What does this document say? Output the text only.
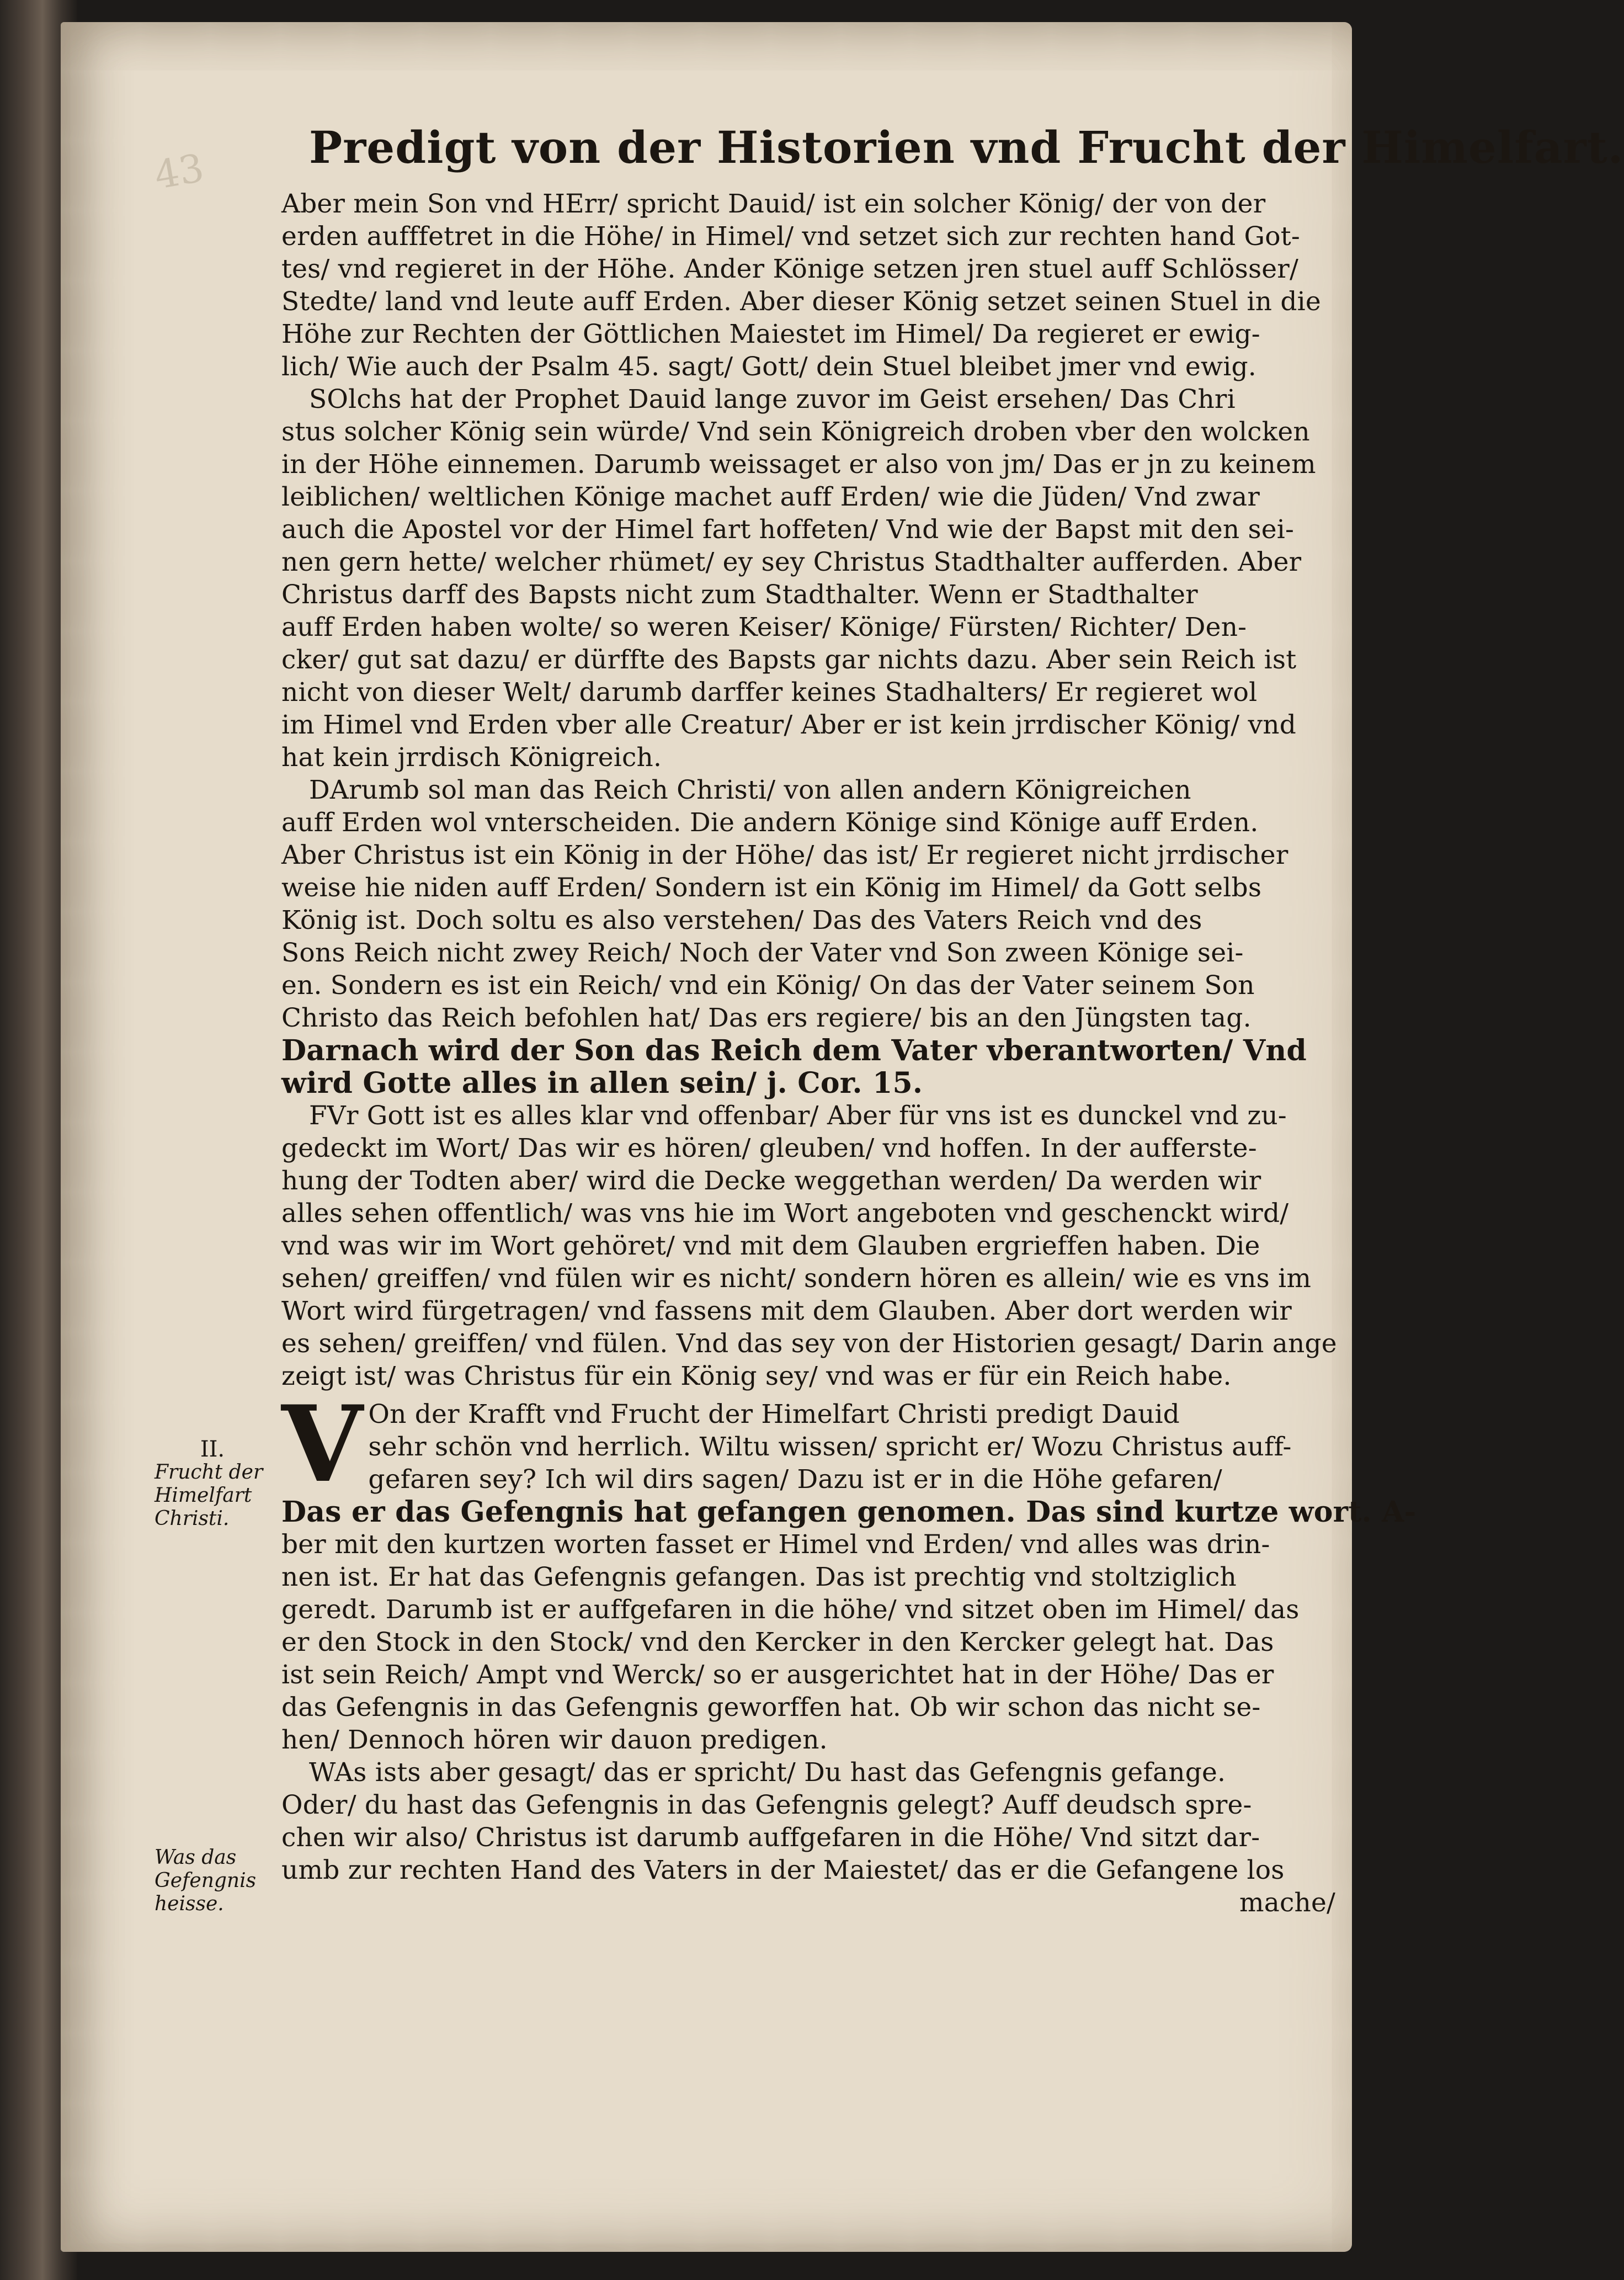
43 Predigt von der Historien vnd Frucht der Himelfart.
II.
Frucht der Himelfart Christi.
Was das Gefengnis heisse.
Aber mein Son vnd HErr/ spricht Dauid/ ist ein solcher König/ der von der
erden aufffetret in die Höhe/ in Himel/ vnd setzet sich zur rechten hand Got-
tes/ vnd regieret in der Höhe. Ander Könige setzen jren stuel auff Schlösser/
Stedte/ land vnd leute auff Erden. Aber dieser König setzet seinen Stuel in die
Höhe zur Rechten der Göttlichen Maiestet im Himel/ Da regieret er ewig-
lich/ Wie auch der Psalm 45. sagt/ Gott/ dein Stuel bleibet jmer vnd ewig.
SOlchs hat der Prophet Dauid lange zuvor im Geist ersehen/ Das Chri
stus solcher König sein würde/ Vnd sein Königreich droben vber den wolcken
in der Höhe einnemen. Darumb weissaget er also von jm/ Das er jn zu keinem
leiblichen/ weltlichen Könige machet auff Erden/ wie die Jüden/ Vnd zwar
auch die Apostel vor der Himel fart hoffeten/ Vnd wie der Bapst mit den sei-
nen gern hette/ welcher rhümet/ ey sey Christus Stadthalter aufferden. Aber
Christus darff des Bapsts nicht zum Stadthalter. Wenn er Stadthalter
auff Erden haben wolte/ so weren Keiser/ Könige/ Fürsten/ Richter/ Den-
cker/ gut sat dazu/ er dürffte des Bapsts gar nichts dazu. Aber sein Reich ist
nicht von dieser Welt/ darumb darffer keines Stadhalters/ Er regieret wol
im Himel vnd Erden vber alle Creatur/ Aber er ist kein jrrdischer König/ vnd
hat kein jrrdisch Königreich.
DArumb sol man das Reich Christi/ von allen andern Königreichen
auff Erden wol vnterscheiden. Die andern Könige sind Könige auff Erden.
Aber Christus ist ein König in der Höhe/ das ist/ Er regieret nicht jrrdischer
weise hie niden auff Erden/ Sondern ist ein König im Himel/ da Gott selbs
König ist. Doch soltu es also verstehen/ Das des Vaters Reich vnd des
Sons Reich nicht zwey Reich/ Noch der Vater vnd Son zween Könige sei-
en. Sondern es ist ein Reich/ vnd ein König/ On das der Vater seinem Son
Christo das Reich befohlen hat/ Das ers regiere/ bis an den Jüngsten tag.
Darnach wird der Son das Reich dem Vater vberantworten/ Vnd
wird Gotte alles in allen sein/ j. Cor. 15.
FVr Gott ist es alles klar vnd offenbar/ Aber für vns ist es dunckel vnd zu-
gedeckt im Wort/ Das wir es hören/ gleuben/ vnd hoffen. In der aufferste-
hung der Todten aber/ wird die Decke weggethan werden/ Da werden wir
alles sehen offentlich/ was vns hie im Wort angeboten vnd geschenckt wird/
vnd was wir im Wort gehöret/ vnd mit dem Glauben ergrieffen haben. Die
sehen/ greiffen/ vnd fülen wir es nicht/ sondern hören es allein/ wie es vns im
Wort wird fürgetragen/ vnd fassens mit dem Glauben. Aber dort werden wir
es sehen/ greiffen/ vnd fülen. Vnd das sey von der Historien gesagt/ Darin ange
zeigt ist/ was Christus für ein König sey/ vnd was er für ein Reich habe.
V On der Krafft vnd Frucht der Himelfart Christi predigt Dauid
sehr schön vnd herrlich. Wiltu wissen/ spricht er/ Wozu Christus auff-
gefaren sey? Ich wil dirs sagen/ Dazu ist er in die Höhe gefaren/
Das er das Gefengnis hat gefangen genomen. Das sind kurtze wort. A-
ber mit den kurtzen worten fasset er Himel vnd Erden/ vnd alles was drin-
nen ist. Er hat das Gefengnis gefangen. Das ist prechtig vnd stoltziglich
geredt. Darumb ist er auffgefaren in die höhe/ vnd sitzet oben im Himel/ das
er den Stock in den Stock/ vnd den Kercker in den Kercker gelegt hat. Das
ist sein Reich/ Ampt vnd Werck/ so er ausgerichtet hat in der Höhe/ Das er
das Gefengnis in das Gefengnis geworffen hat. Ob wir schon das nicht se-
hen/ Dennoch hören wir dauon predigen.
WAs ists aber gesagt/ das er spricht/ Du hast das Gefengnis gefange.
Oder/ du hast das Gefengnis in das Gefengnis gelegt? Auff deudsch spre-
chen wir also/ Christus ist darumb auffgefaren in die Höhe/ Vnd sitzt dar-
umb zur rechten Hand des Vaters in der Maiestet/ das er die Gefangene los
mache/
